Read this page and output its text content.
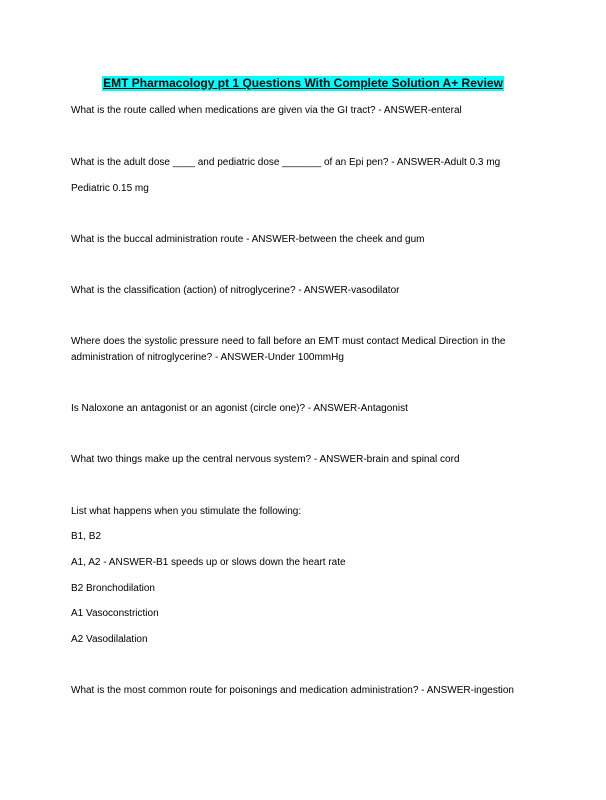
EMT Pharmacology pt 1 Questions With Complete Solution A+ Review
What is the route called when medications are given via the GI tract? - ANSWER-enteral
What is the adult dose ____ and pediatric dose _______ of an Epi pen? - ANSWER-Adult 0.3 mg
Pediatric 0.15 mg
What is the buccal administration route - ANSWER-between the cheek and gum
What is the classification (action) of nitroglycerine? - ANSWER-vasodilator
Where does the systolic pressure need to fall before an EMT must contact Medical Direction in the
administration of nitroglycerine? - ANSWER-Under 100mmHg
Is Naloxone an antagonist or an agonist (circle one)? - ANSWER-Antagonist
What two things make up the central nervous system? - ANSWER-brain and spinal cord
List what happens when you stimulate the following:
B1, B2
A1, A2 - ANSWER-B1 speeds up or slows down the heart rate
B2 Bronchodilation
A1 Vasoconstriction
A2 Vasodilalation
What is the most common route for poisonings and medication administration? - ANSWER-ingestion
